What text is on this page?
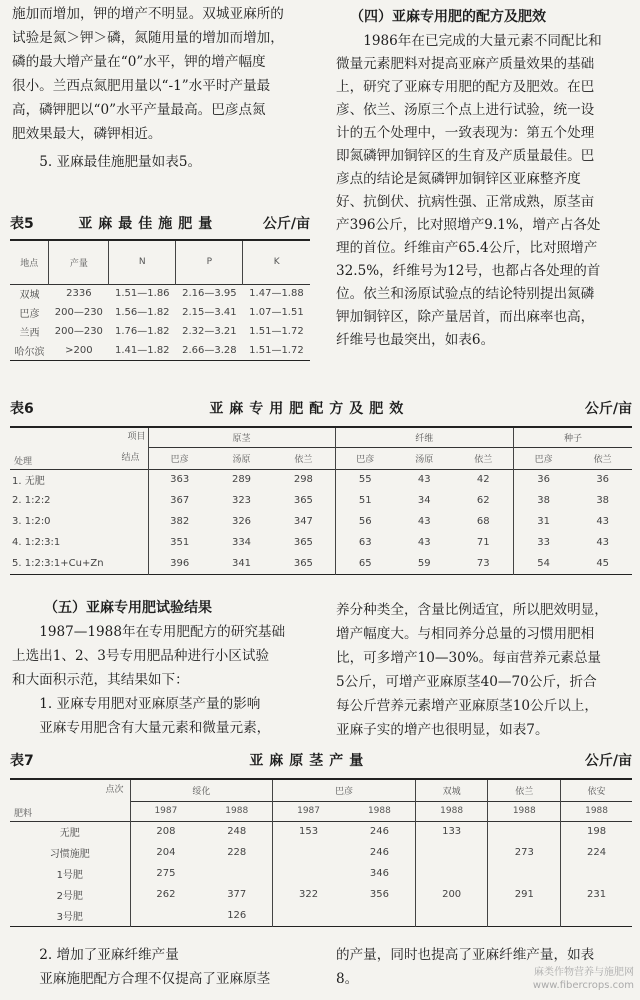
施加而增加，钾的增产不明显。双城亚麻所的

试验是氮＞钾＞磷，氮随用量的增加而增加，

磷的最大增产量在“0”水平，钾的增产幅度

很小。兰西点氮肥用量以“-1”水平时产量最

高，磷钾肥以“0”水平产量最高。巴彦点氮

肥效果最大，磷钾相近。

5. 亚麻最佳施肥量如表5。

表5	亚麻最佳施肥量	公斤/亩
地点	产量	N	P	K
双城	2336	1.51—1.86	2.16—3.95	1.47—1.88
巴彦	200—230	1.56—1.82	2.15—3.41	1.07—1.51
兰西	200—230	1.76—1.82	2.32—3.21	1.51—1.72
哈尔滨	>200	1.41—1.82	2.66—3.28	1.51—1.72
（四）亚麻专用肥的配方及肥效

1986年在已完成的大量元素不同配比和

微量元素肥料对提高亚麻产质量效果的基础

上，研究了亚麻专用肥的配方及肥效。在巴

彦、依兰、汤原三个点上进行试验，统一设

计的五个处理中，一致表现为：第五个处理

即氮磷钾加铜锌区的生育及产质量最佳。巴

彦点的结论是氮磷钾加铜锌区亚麻整齐度

好、抗倒伏、抗病性强、正常成熟，原茎亩

产396公斤，比对照增产9.1%，增产占各处

理的首位。纤维亩产65.4公斤，比对照增产

32.5%，纤维号为12号，也都占各处理的首

位。依兰和汤原试验点的结论特别提出氮磷

钾加铜锌区，除产量居首，而出麻率也高，

纤维号也最突出，如表6。

表6	亚麻专用肥配方及肥效	公斤/亩
项目
结点
处理	原茎			纤维			种子	
	巴彦	汤原	依兰	巴彦	汤原	依兰	巴彦	依兰
1. 无肥	363	289	298	55	43	42	36	36
2. 1:2:2	367	323	365	51	34	62	38	38
3. 1:2:0	382	326	347	56	43	68	31	43
4. 1:2:3:1	351	334	365	63	43	71	33	43
5. 1:2:3:1+Cu+Zn	396	341	365	65	59	73	54	45
（五）亚麻专用肥试验结果

1987—1988年在专用肥配方的研究基础

上选出1、2、3号专用肥品种进行小区试验

和大面积示范，其结果如下：

1. 亚麻专用肥对亚麻原茎产量的影响

亚麻专用肥含有大量元素和微量元素，

养分种类全，含量比例适宜，所以肥效明显，

增产幅度大。与相同养分总量的习惯用肥相

比，可多增产10—30%。每亩营养元素总量

5公斤，可增产亚麻原茎40—70公斤，折合

每公斤营养元素增产亚麻原茎10公斤以上，

亚麻子实的增产也很明显，如表7。

表7	亚麻原茎产量	公斤/亩
点次
肥料	绥化		巴彦		双城	依兰	依安
	1987	1988	1987	1988	1988	1988	1988
无肥	208	248	153	246	133		198
习惯施肥	204	228		246		273	224
1号肥	275			346			
2号肥	262	377	322	356	200	291	231
3号肥		126					

2. 增加了亚麻纤维产量

亚麻施肥配方合理不仅提高了亚麻原茎

的产量，同时也提高了亚麻纤维产量，如表

8。	麻类作物营养与施肥网
www.fibercrops.com
